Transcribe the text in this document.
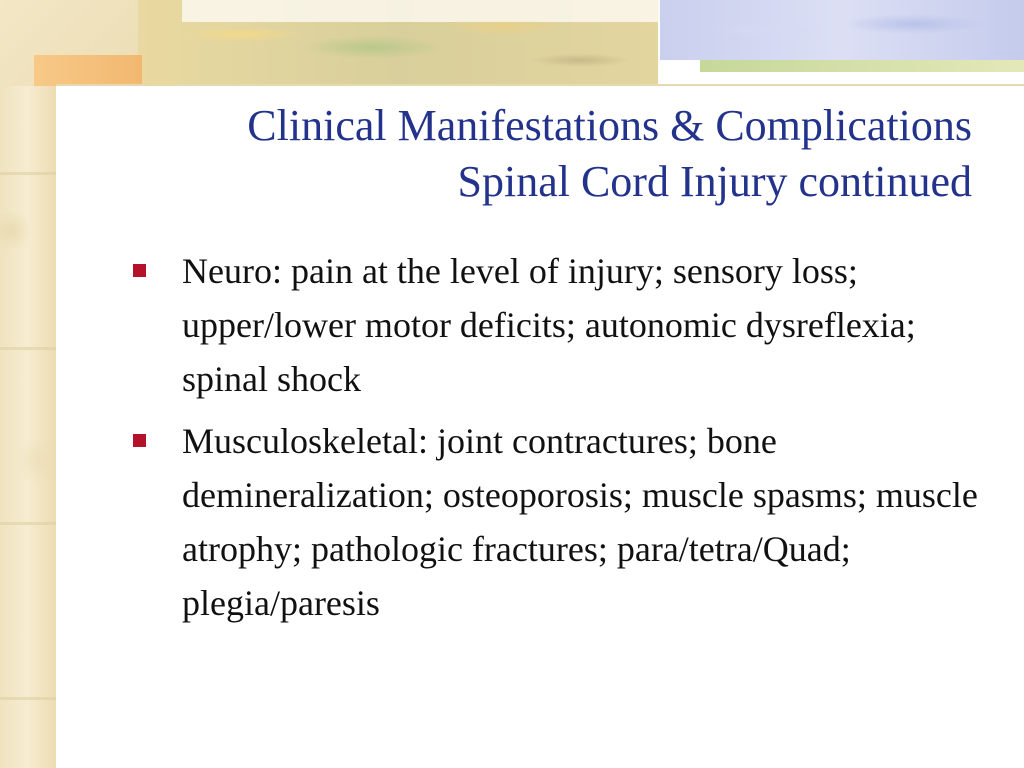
Clinical Manifestations & Complications
Spinal Cord Injury continued
Neuro: pain at the level of injury; sensory loss; upper/lower motor deficits; autonomic dysreflexia; spinal shock
Musculoskeletal: joint contractures; bone demineralization; osteoporosis; muscle spasms; muscle atrophy; pathologic fractures; para/tetra/Quad; plegia/paresis
